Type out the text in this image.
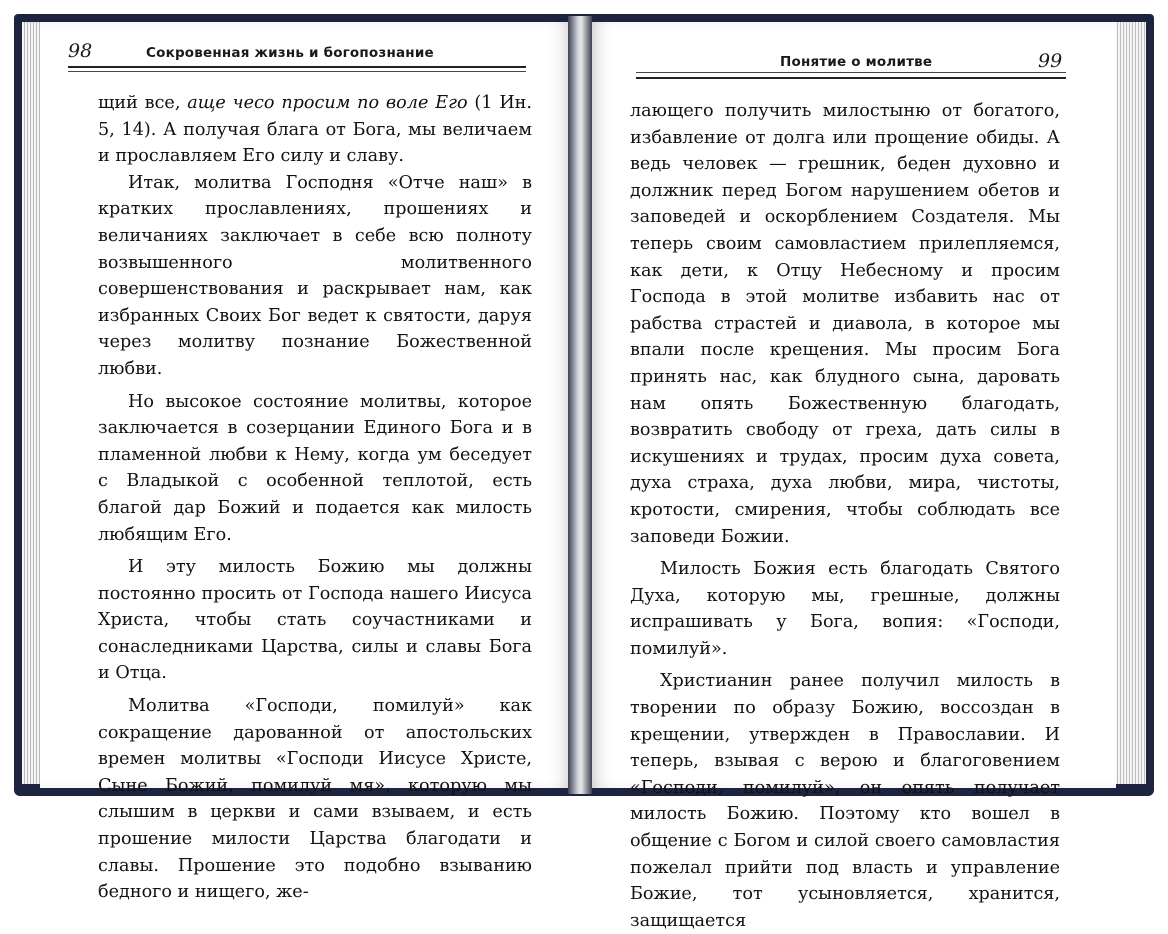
98	Сокровенная жизнь и богопознание
Понятие о молитве	99

щий все, аще чесо просим по воле Его (1 Ин. 5, 14). А получая блага от Бога, мы величаем и прославляем Его силу и славу.

Итак, молитва Господня «Отче наш» в кратких прославлениях, прошениях и величаниях заключает в себе всю полноту возвышенного молитвенного совершенствования и раскрывает нам, как избранных Своих Бог ведет к святости, даруя через молитву познание Божественной любви.

Но высокое состояние молитвы, которое заключается в созерцании Единого Бога и в пламенной любви к Нему, когда ум беседует с Владыкой с особенной теплотой, есть благой дар Божий и подается как милость любящим Его.

И эту милость Божию мы должны постоянно просить от Господа нашего Иисуса Христа, чтобы стать соучастниками и сонаследниками Царства, силы и славы Бога и Отца.

Молитва «Господи, помилуй» как сокращение дарованной от апостольских времен молитвы «Господи Иисусе Христе, Сыне Божий, помилуй мя», которую мы слышим в церкви и сами взываем, и есть прошение милости Царства благодати и славы. Прошение это подобно взыванию бедного и нищего, же-

лающего получить милостыню от богатого, избавление от долга или прощение обиды. А ведь человек — грешник, беден духовно и должник перед Богом нарушением обетов и заповедей и оскорблением Создателя. Мы теперь своим самовластием прилепляемся, как дети, к Отцу Небесному и просим Господа в этой молитве избавить нас от рабства страстей и диавола, в которое мы впали после крещения. Мы просим Бога принять нас, как блудного сына, даровать нам опять Божественную благодать, возвратить свободу от греха, дать силы в искушениях и трудах, просим духа совета, духа страха, духа любви, мира, чистоты, кротости, смирения, чтобы соблюдать все заповеди Божии.

Милость Божия есть благодать Святого Духа, которую мы, грешные, должны испрашивать у Бога, вопия: «Господи, помилуй».

Христианин ранее получил милость в творении по образу Божию, воссоздан в крещении, утвержден в Православии. И теперь, взывая с верою и благоговением «Господи, помилуй», он опять получает милость Божию. Поэтому кто вошел в общение с Богом и силой своего самовластия пожелал прийти под власть и управление Божие, тот усыновляется, хранится, защищается
